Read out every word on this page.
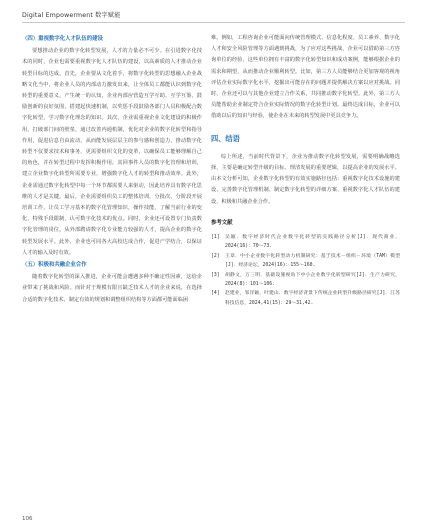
Digital Empowerment 数字赋能
（四）重视数字化人才队伍的建设

要想推动企业的数字化转型发展，人才的力量必不可少。在引进数字化技术的同时，企业也需要重视数字化人才队伍的建设，以高素质的人才推动企业转型目标的达成。首先，企业要从文化着手，将数字化转型的思想融入企业战略文化当中，将企业人员的内部动力激发出来，让全体员工都能认识到数字化转型的重要意义，产生统一的认知，企业内部应营造互学互助、互学互鉴、鼓励创新的良好氛围，搭建起快速机制，以奖惩手段鼓励各部门人员积极配合数字化转型，学习数字化理念的知识。其次，企业需重视企业文化建设的积极作用，打破部门间的壁垒，通过改善内通机制，优化对企业的数字化转型和指导作用，促进信息自由流动，从而能发展层层主的参与感和创造力，推动数字化转型不仅要求技术和事务，更需要组织文化的变革，以确保员工能够理解自己的角色，并在转型过程中发挥积极作用。其回事件人员的数字化管理和培训，建立企业数字化转型所需要专业，增强数字化人才的转型和推动效率。此外，企业需通过数字化转型中每一个环节都需要人来驱动，因此培养具有数字化思维的人才是关键。最后，企业需要组织员工的整体培训，分批次、分阶段开展培训工作，让员工学习基本的数字化管理知识，操作技能，了解当前行业的变化，特殊手段限制，认可数字化技术的优点。同时，企业还可设置专门负责数字化管理的岗位，从外部聘请数字化专业能力较强的人才，提高企业的数字化转型发展水平。此外，企业也可同各大高校达成合作，促进产学结合，以保证人才的输入及时有效。

（五）积极和共融企业合作

随着数字化转型的深入推进，企业可能会遭遇多种不确定性因素，这给企业带来了挑战和风险。而针对于规模有限且缺乏技术人才的企业来说，在选择合适的数字化技术，制定有效的规划和调整组织结构等方面都可能面临困

难。例如，工程咨询企业可能面向传统管理模式、信息化程度、员工素养、数字化人才和安全风险管理等方面遇到挑战，为了应对这些挑战，企业可以借助第三方咨询单位的经验，这些单位拥有丰富的数字化转型知识和成功案例，能够根据企业的需求和期望，从而推动企业顺利转型。比如，第三方人员能够结合更加客观的视角评估企业实际数字化水平，挖掘出可能存在的问题并提供解决方案以应对挑战。同时，企业还可以与其他企业建立合作关系，共同推动数字化转型。此外，第三方人员能帮助企业制定符合企业实际情况的数字化转型计划。最终达成目标，企业可以借助以后的知识与经验，使企业在未来的转型发展中更具竞争力。

四、结语

综上所述，当前时代背景下，企业为推动数字化转型发展，需要明确战略选择，主要是确定转型升级的目标、理清发展的重要逻辑，以提高企业的发展水平。由本文分析可知，企业数字化转型的有效实施路径包括：重视数字化技术设施的建设、完善数字化管理机制、制定数字化转型的详细方案、重视数字化人才队伍的建设，积极和共融企业合作。

参考文献
[1]	吴颖．数字经济时代企业数字化转型的实践路径分析[J]．现代商业，2024(16)：70～73.
[2]	王章．中小企业数字化转型动力机制研究：基于技术－组织－环境（TAM）模型[J]．经济论坛，2024(16)：155～160.
[3]	胡静文，万三明．基础设施视角下中小企业数字化转型研究[J]．生产力研究，2024(8)：101～106.
[4]	赵建业，邹洋颖，叶建山．数字经济背景下传统企业转型升级路径研究[J]．江苏科技信息，2024,41(15)：29～31,42.
106
